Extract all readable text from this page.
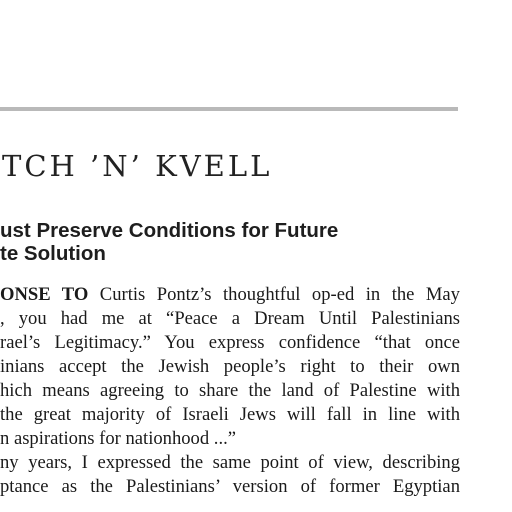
TCH ’N’ KVELL
ust Preserve Conditions for Future
te Solution
ONSE TO Curtis Pontz’s thoughtful op-ed in the May
, you had me at “Peace a Dream Until Palestinians
rael’s Legitimacy.” You express confidence “that once
inians accept the Jewish people’s right to their own
hich means agreeing to share the land of Palestine with
the great majority of Israeli Jews will fall in line with
n aspirations for nationhood ...”
ny years, I expressed the same point of view, describing
ptance as the Palestinians’ version of former Egyptian
